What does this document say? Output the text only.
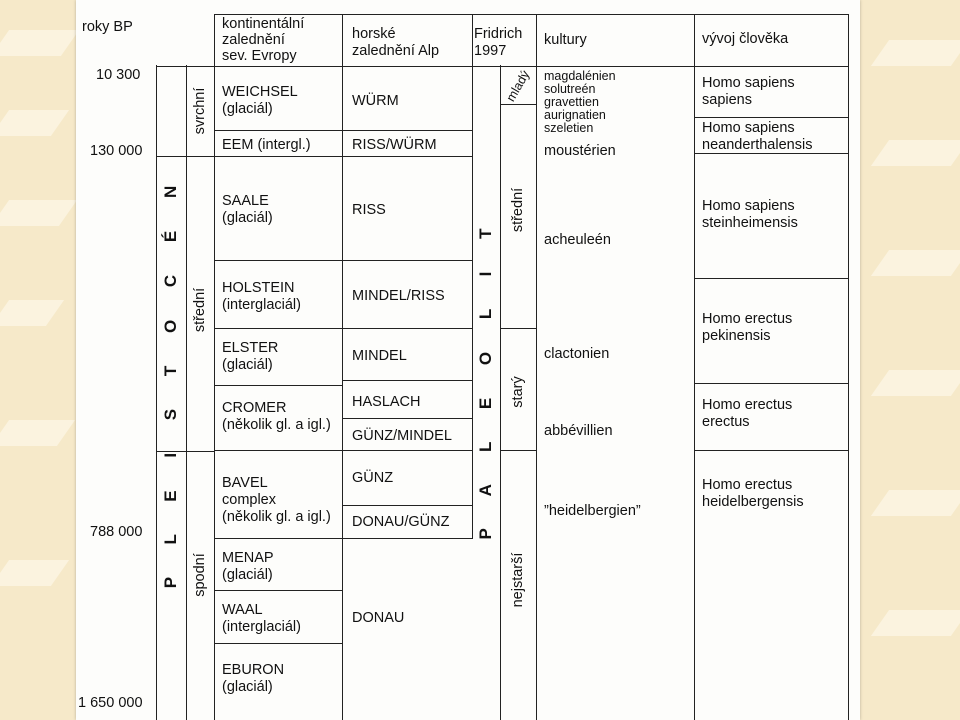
roky BP	kontinentální
zalednění
sev. Evropy
horské
zalednění Alp
Fridrich
1997
kultury	vývoj člověka
10 300
130 000
788 000
1 650 000
P L E I S T O C É N
svrchní
střední
spodní
WEICHSEL
(glaciál)
EEM (intergl.)
SAALE
(glaciál)
HOLSTEIN
(interglaciál)
ELSTER
(glaciál)
CROMER
(několik gl. a igl.)
BAVEL
complex
(několik gl. a igl.)
MENAP
(glaciál)
WAAL
(interglaciál)
EBURON
(glaciál)
WÜRM
RISS/WÜRM
RISS
MINDEL/RISS
MINDEL
HASLACH
GÜNZ/MINDEL
GÜNZ
DONAU/GÜNZ
DONAU
P A L E O L I T
mladý
střední
starý
nejstarší
magdalénien
solutreén
gravettien
aurignatien
szeletien
moustérien
acheuleén
clactonien
abbévillien
”heidelbergien”
Homo sapiens
sapiens
Homo sapiens
neanderthalensis
Homo sapiens
steinheimensis
Homo erectus
pekinensis
Homo erectus
erectus
Homo erectus
heidelbergensis
